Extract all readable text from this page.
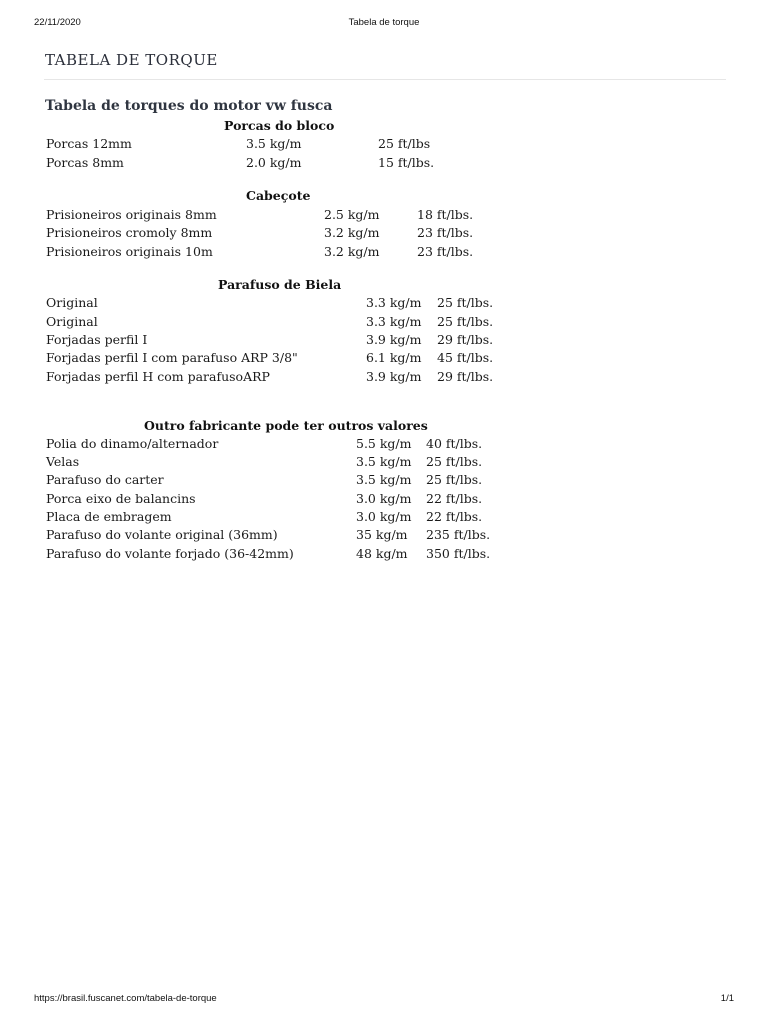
22/11/2020	Tabela de torque
TABELA DE TORQUE
Tabela de torques do motor vw fusca
Porcas do bloco
Porcas 12mm	3.5 kg/m	25 ft/lbs
Porcas 8mm	2.0 kg/m	15 ft/lbs.
Cabeçote
Prisioneiros originais 8mm	2.5 kg/m	18 ft/lbs.
Prisioneiros cromoly 8mm	3.2 kg/m	23 ft/lbs.
Prisioneiros originais 10m	3.2 kg/m	23 ft/lbs.
Parafuso de Biela
Original	3.3 kg/m 25 ft/lbs.
Original	3.3 kg/m 25 ft/lbs.
Forjadas perfil I	3.9 kg/m 29 ft/lbs.
Forjadas perfil I com parafuso ARP 3/8"	6.1 kg/m 45 ft/lbs.
Forjadas perfil H com parafusoARP	3.9 kg/m 29 ft/lbs.
Outro fabricante pode ter outros valores
Polia do dinamo/alternador	5.5 kg/m 40 ft/lbs.
Velas	3.5 kg/m 25 ft/lbs.
Parafuso do carter	3.5 kg/m 25 ft/lbs.
Porca eixo de balancins	3.0 kg/m 22 ft/lbs.
Placa de embragem	3.0 kg/m 22 ft/lbs.
Parafuso do volante original (36mm)	35 kg/m 235 ft/lbs.
Parafuso do volante forjado (36-42mm)	48 kg/m 350 ft/lbs.
https://brasil.fuscanet.com/tabela-de-torque	1/1
